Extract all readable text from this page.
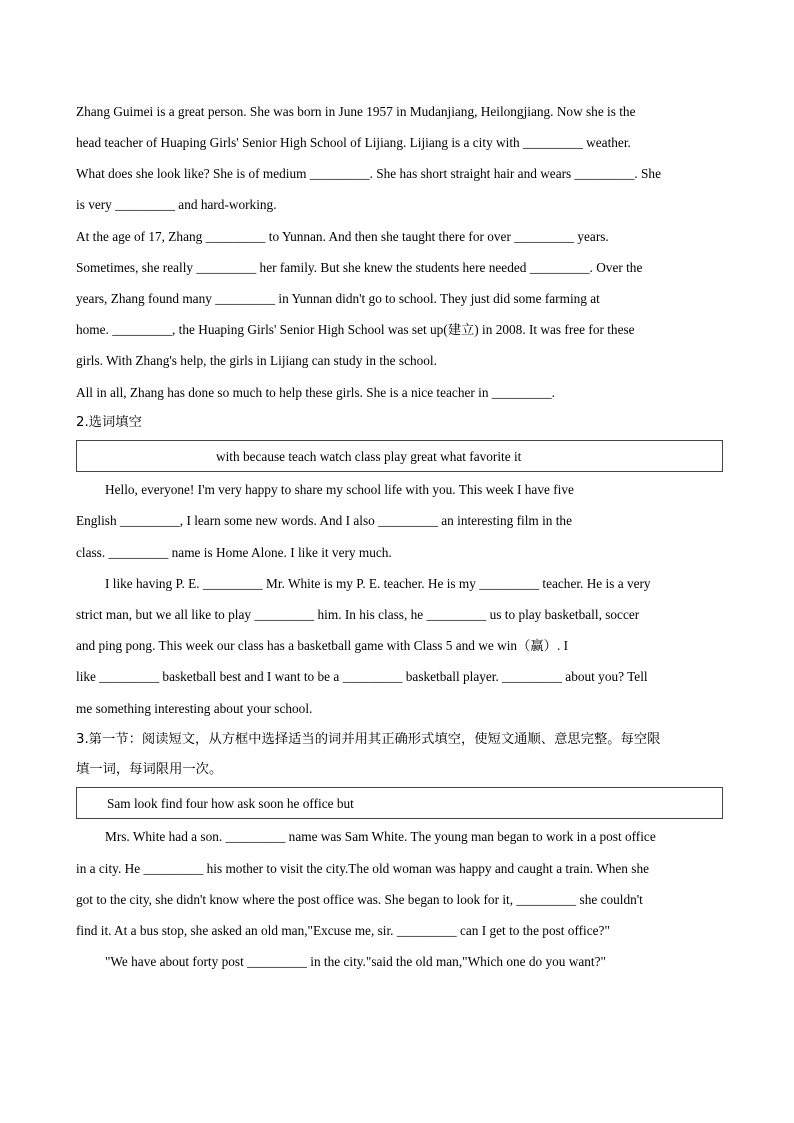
Zhang Guimei is a great person. She was born in June 1957 in Mudanjiang, Heilongjiang. Now she is the
head teacher of Huaping Girls' Senior High School of Lijiang. Lijiang is a city with _________ weather.
What does she look like? She is of medium _________. She has short straight hair and wears _________. She
is very _________ and hard-working.
At the age of 17, Zhang _________ to Yunnan. And then she taught there for over _________ years.
Sometimes, she really _________ her family. But she knew the students here needed _________. Over the
years, Zhang found many _________ in Yunnan didn't go to school. They just did some farming at
home. _________, the Huaping Girls' Senior High School was set up(建立) in 2008. It was free for these
girls. With Zhang's help, the girls in Lijiang can study in the school.
All in all, Zhang has done so much to help these girls. She is a nice teacher in _________.
2.选词填空
with because teach watch class play great what favorite it
Hello, everyone! I'm very happy to share my school life with you. This week I have five
English _________, I learn some new words. And I also _________ an interesting film in the
class. _________ name is Home Alone. I like it very much.
I like having P. E. _________ Mr. White is my P. E. teacher. He is my _________ teacher. He is a very
strict man, but we all like to play _________ him. In his class, he _________ us to play basketball, soccer
and ping pong. This week our class has a basketball game with Class 5 and we win（赢）. I
like _________ basketball best and I want to be a _________ basketball player. _________ about you? Tell
me something interesting about your school.
3.第一节：阅读短文，从方框中选择适当的词并用其正确形式填空，使短文通顺、意思完整。每空限
填一词，每词限用一次。
Sam look find four how ask soon he office but
Mrs. White had a son. _________ name was Sam White. The young man began to work in a post office
in a city. He _________ his mother to visit the city.The old woman was happy and caught a train. When she
got to the city, she didn't know where the post office was. She began to look for it, _________ she couldn't
find it. At a bus stop, she asked an old man,"Excuse me, sir. _________ can I get to the post office?"
"We have about forty post _________ in the city."said the old man,"Which one do you want?"
